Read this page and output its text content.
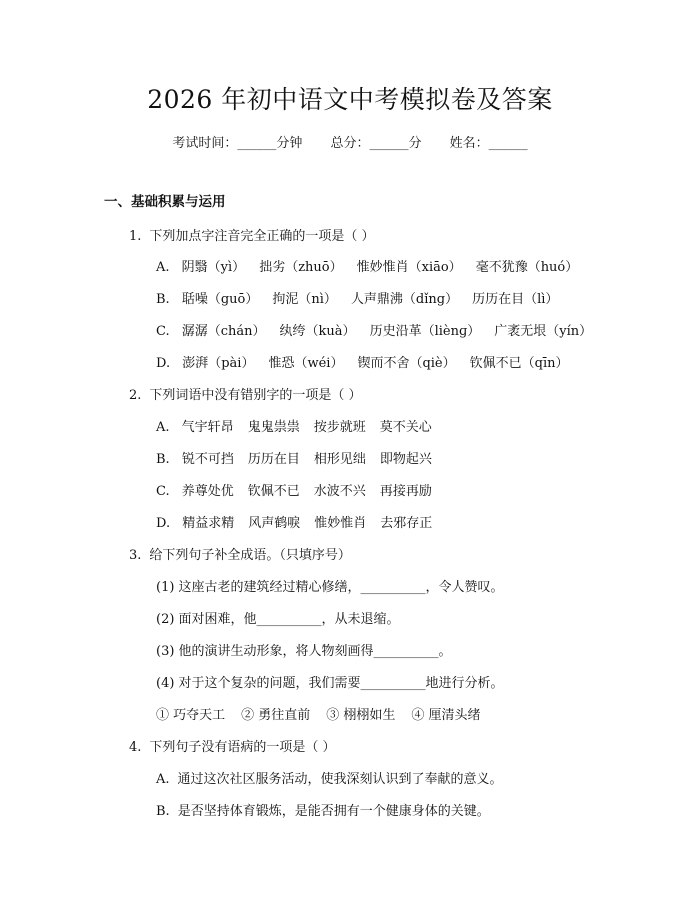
2026 年初中语文中考模拟卷及答案
考试时间：______分钟 总分：______分 姓名：______
一、基础积累与运用
1. 下列加点字注音完全正确的一项是（ ）
A. 阴翳（yì） 拙劣（zhuō） 惟妙惟肖（xiāo） 毫不犹豫（huó）
B. 聒噪（guō） 拘泥（nì） 人声鼎沸（dǐng） 历历在目（lì）
C. 潺潺（chán） 纨绔（kuà） 历史沿革（liènɡ） 广袤无垠（yín）
D. 澎湃（pài） 惟恐（wéi） 锲而不舍（qiè） 钦佩不已（qīn）
2. 下列词语中没有错别字的一项是（ ）
A. 气宇轩昂 鬼鬼祟祟 按步就班 莫不关心
B. 锐不可挡 历历在目 相形见绌 即物起兴
C. 养尊处优 钦佩不已 水波不兴 再接再励
D. 精益求精 风声鹤唳 惟妙惟肖 去邪存正
3. 给下列句子补全成语。（只填序号）
(1) 这座古老的建筑经过精心修缮，__________，令人赞叹。
(2) 面对困难，他__________，从未退缩。
(3) 他的演讲生动形象，将人物刻画得__________。
(4) 对于这个复杂的问题，我们需要__________地进行分析。
① 巧夺天工 ② 勇往直前 ③ 栩栩如生 ④ 厘清头绪
4. 下列句子没有语病的一项是（ ）
A. 通过这次社区服务活动，使我深刻认识到了奉献的意义。
B. 是否坚持体育锻炼，是能否拥有一个健康身体的关键。
